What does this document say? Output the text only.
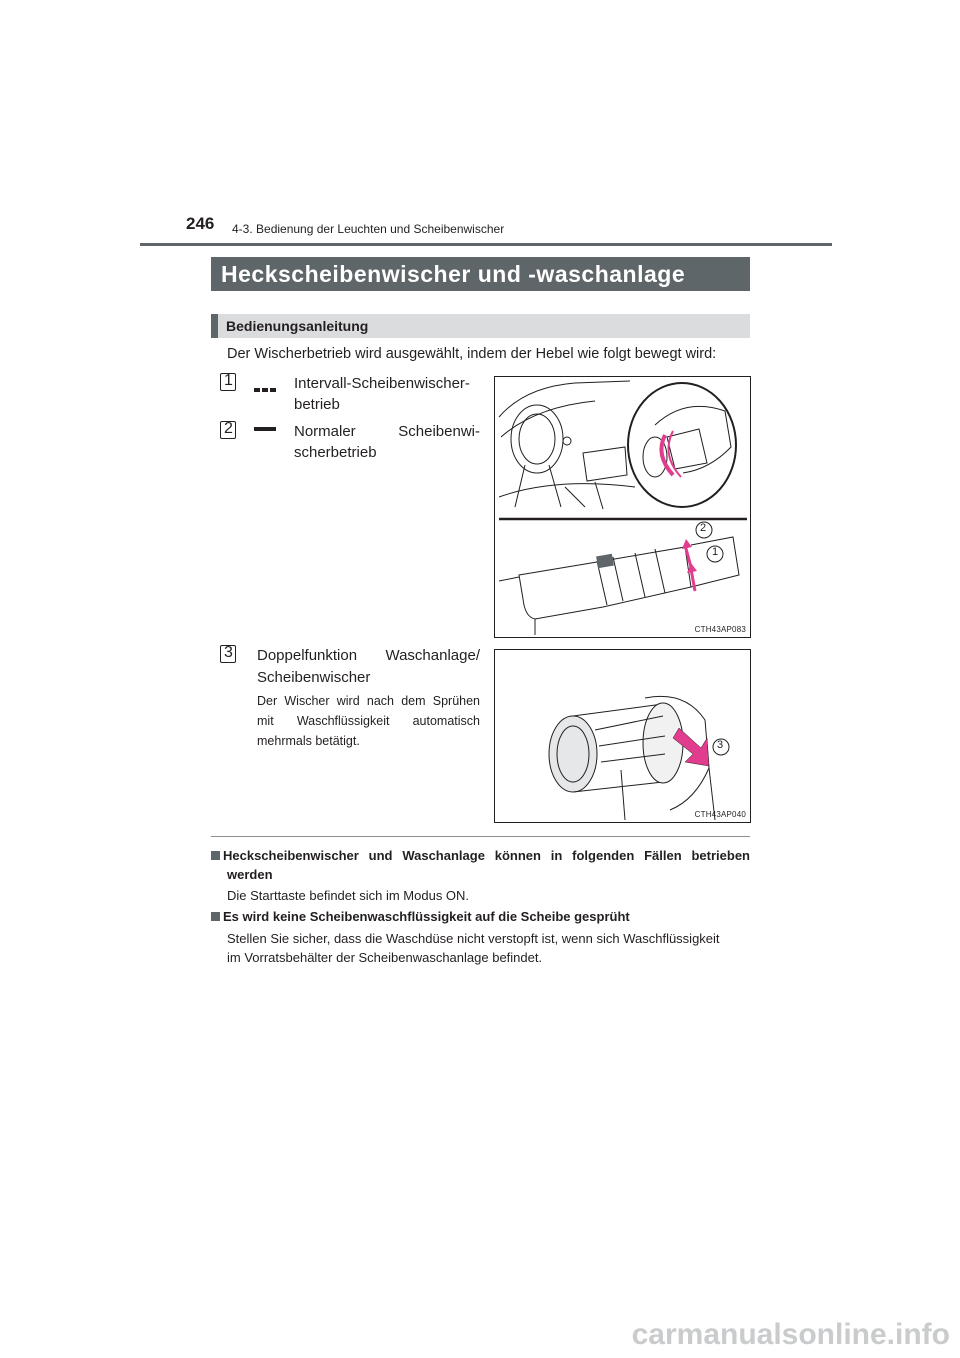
246 4-3. Bedienung der Leuchten und Scheibenwischer
Heckscheibenwischer und -waschanlage
Bedienungsanleitung
Der Wischerbetrieb wird ausgewählt, indem der Hebel wie folgt bewegt wird:
1	Intervall-Scheibenwischer-
betrieb
2	Normaler Scheibenwi-
scherbetrieb
2
1
CTH43AP083
3 Doppelfunktion Waschanlage/
Scheibenwischer
Der Wischer wird nach dem Sprühen
mit Waschflüssigkeit automatisch
mehrmals betätigt.	3
CTH43AP040
Heckscheibenwischer und Waschanlage können in folgenden Fällen betrieben
werden
Die Starttaste befindet sich im Modus ON.
Es wird keine Scheibenwaschflüssigkeit auf die Scheibe gesprüht
Stellen Sie sicher, dass die Waschdüse nicht verstopft ist, wenn sich Waschflüssigkeit
im Vorratsbehälter der Scheibenwaschanlage befindet.
carmanualsonline.info
